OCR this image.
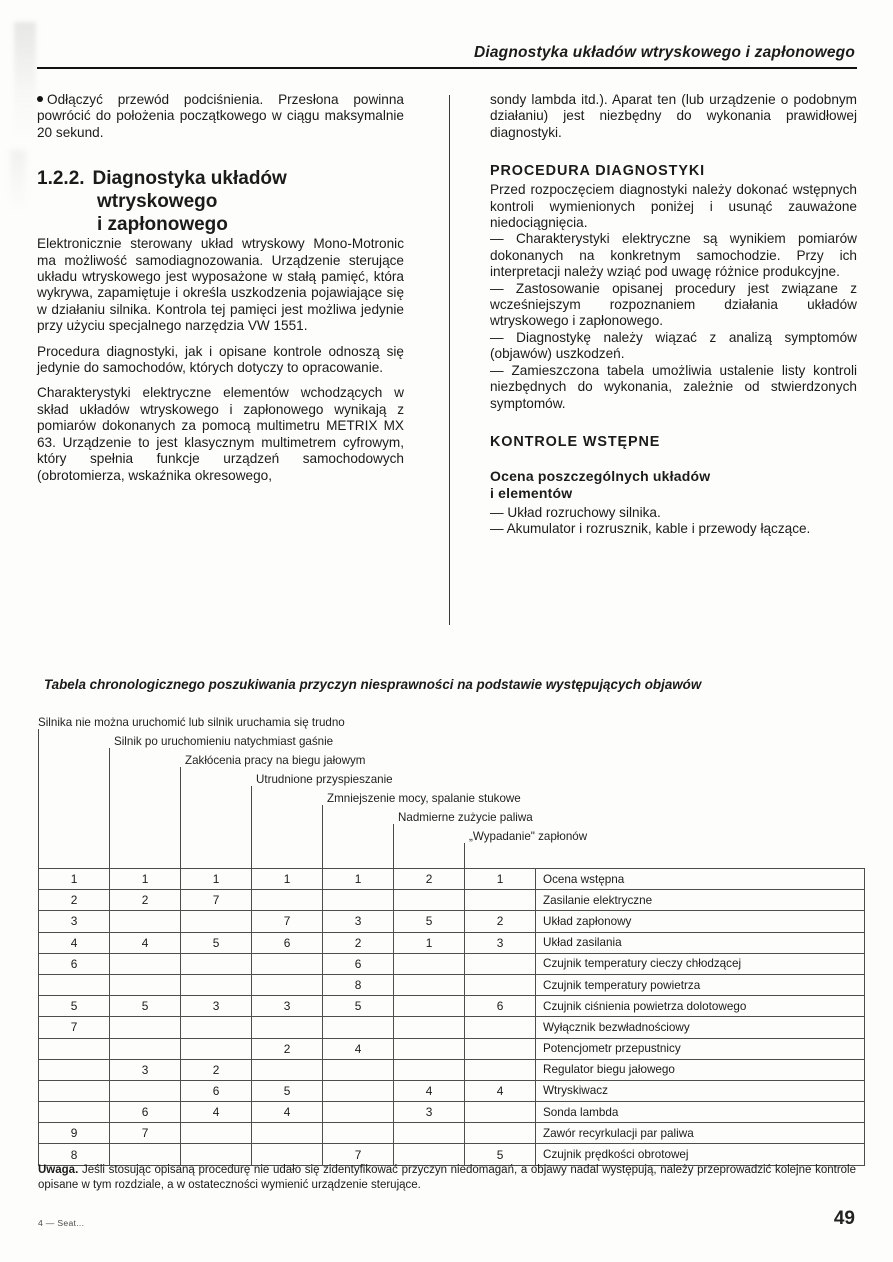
Diagnostyka układów wtryskowego i zapłonowego

Odłączyć przewód podciśnienia. Przesłona powinna powrócić do położenia początkowego w ciągu maksymalnie 20 sekund.

1.2.2. Diagnostyka układów
wtryskowego
i zapłonowego

Elektronicznie sterowany układ wtryskowy Mono-Motronic ma możliwość samodiagnozowania. Urządzenie sterujące układu wtryskowego jest wyposażone w stałą pamięć, która wykrywa, zapamiętuje i określa uszkodzenia pojawiające się w działaniu silnika. Kontrola tej pamięci jest możliwa jedynie przy użyciu specjalnego narzędzia VW 1551.

Procedura diagnostyki, jak i opisane kontrole odnoszą się jedynie do samochodów, których dotyczy to opracowanie.

Charakterystyki elektryczne elementów wchodzących w skład układów wtryskowego i zapłonowego wynikają z pomiarów dokonanych za pomocą multimetru METRIX MX 63. Urządzenie to jest klasycznym multimetrem cyfrowym, który spełnia funkcje urządzeń samochodowych (obrotomierza, wskaźnika okresowego,

sondy lambda itd.). Aparat ten (lub urządzenie o podobnym działaniu) jest niezbędny do wykonania prawidłowej diagnostyki.

PROCEDURA DIAGNOSTYKI

Przed rozpoczęciem diagnostyki należy dokonać wstępnych kontroli wymienionych poniżej i usunąć zauważone niedociągnięcia.

— Charakterystyki elektryczne są wynikiem pomiarów dokonanych na konkretnym samochodzie. Przy ich interpretacji należy wziąć pod uwagę różnice produkcyjne.

— Zastosowanie opisanej procedury jest związane z wcześniejszym rozpoznaniem działania układów wtryskowego i zapłonowego.

— Diagnostykę należy wiązać z analizą symptomów (objawów) uszkodzeń.

— Zamieszczona tabela umożliwia ustalenie listy kontroli niezbędnych do wykonania, zależnie od stwierdzonych symptomów.

KONTROLE WSTĘPNE
Ocena poszczególnych układów
i elementów

— Układ rozruchowy silnika.

— Akumulator i rozrusznik, kable i przewody łączące.

Tabela chronologicznego poszukiwania przyczyn niesprawności na podstawie występujących objawów
Silnika nie można uruchomić lub silnik uruchamia się trudno
Silnik po uruchomieniu natychmiast gaśnie
Zakłócenia pracy na biegu jałowym
Utrudnione przyspieszanie
Zmniejszenie mocy, spalanie stukowe
Nadmierne zużycie paliwa
„Wypadanie" zapłonów
1	1	1	1	1	2	1	Ocena wstępna
2	2	7					Zasilanie elektryczne
3			7	3	5	2	Układ zapłonowy
4	4	5	6	2	1	3	Układ zasilania
6				6			Czujnik temperatury cieczy chłodzącej
				8			Czujnik temperatury powietrza
5	5	3	3	5		6	Czujnik ciśnienia powietrza dolotowego
7							Wyłącznik bezwładnościowy
			2	4			Potencjometr przepustnicy
	3	2					Regulator biegu jałowego
		6	5		4	4	Wtryskiwacz
	6	4	4		3		Sonda lambda
9	7						Zawór recyrkulacji par paliwa
8				7		5	Czujnik prędkości obrotowej
Uwaga. Jeśli stosując opisaną procedurę nie udało się zidentyfikować przyczyn niedomagań, a objawy nadal występują, należy przeprowadzić kolejne kontrole opisane w tym rozdziale, a w ostateczności wymienić urządzenie sterujące.
4 — Seat...	49
